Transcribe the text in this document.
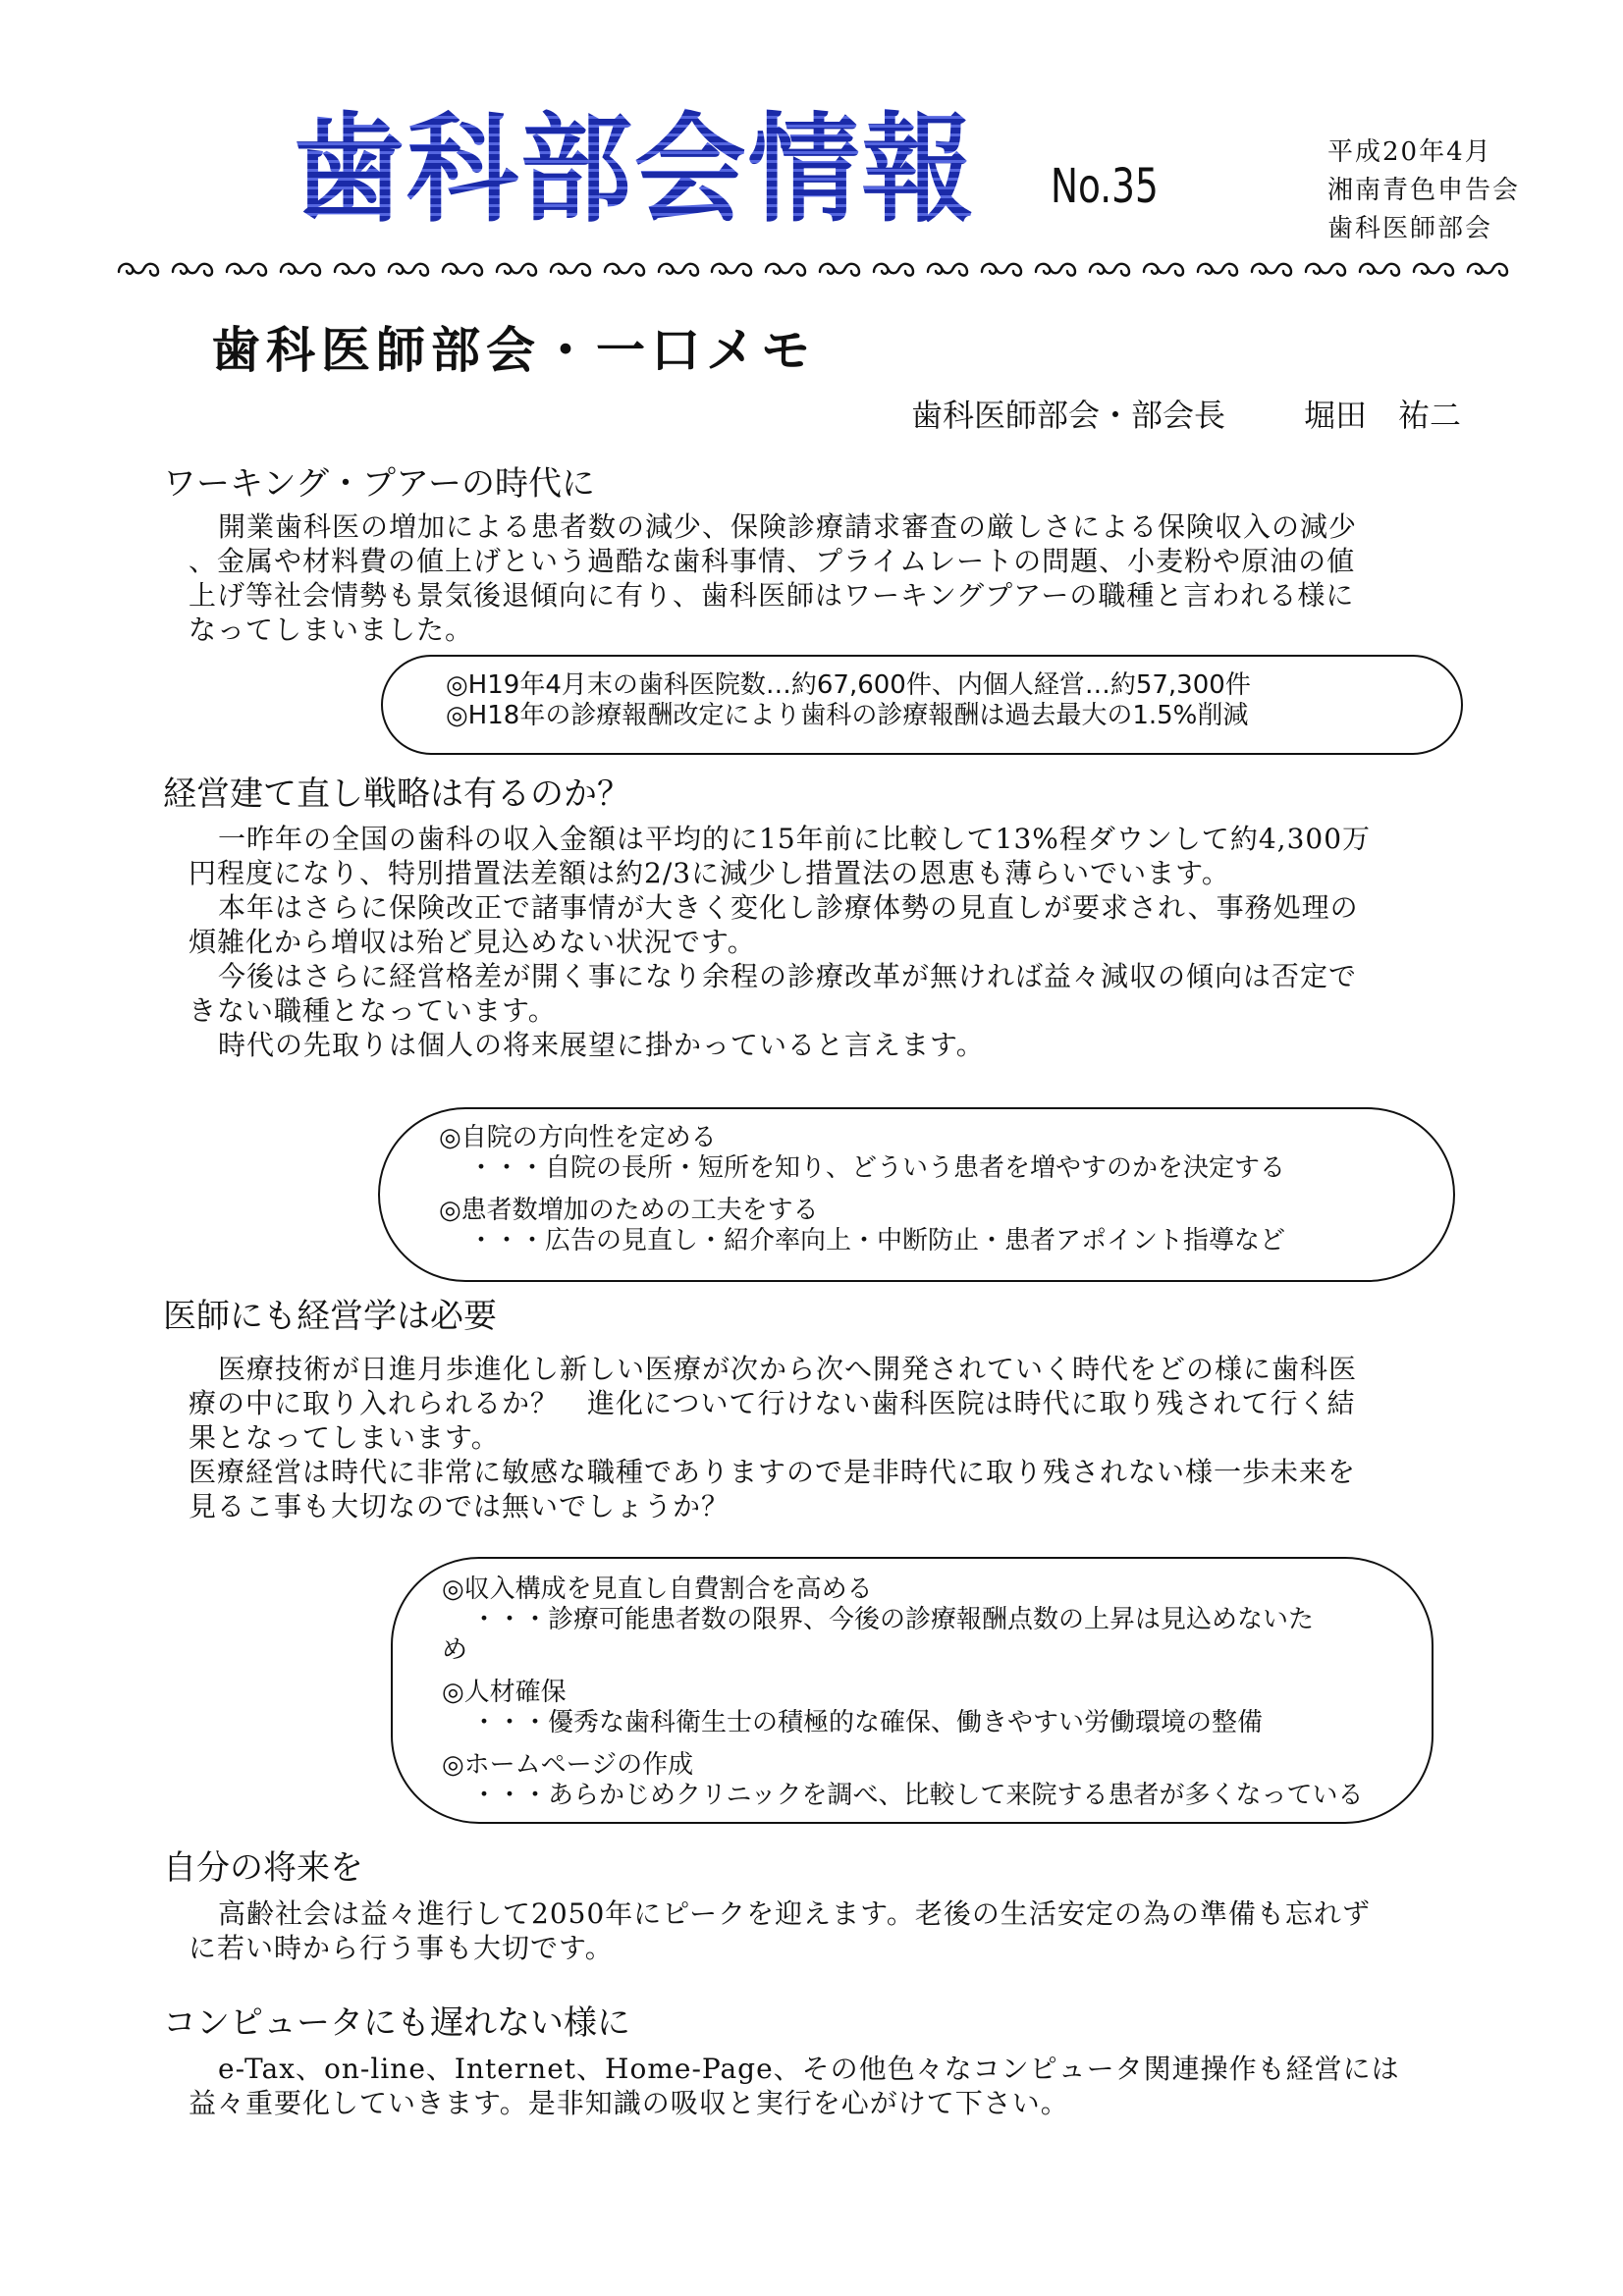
歯科部会情報 No.35
平成20年4月
湘南青色申告会
歯科医師部会
歯科医師部会・一口メモ
歯科医師部会・部会長	堀田　祐二
ワーキング・プアーの時代に
開業歯科医の増加による患者数の減少、保険診療請求審査の厳しさによる保険収入の減少
、金属や材料費の値上げという過酷な歯科事情、プライムレートの問題、小麦粉や原油の値
上げ等社会情勢も景気後退傾向に有り、歯科医師はワーキングプアーの職種と言われる様に
なってしまいました。
◎H19年4月末の歯科医院数…約67,600件、内個人経営…約57,300件
◎H18年の診療報酬改定により歯科の診療報酬は過去最大の1.5%削減
経営建て直し戦略は有るのか？
一昨年の全国の歯科の収入金額は平均的に15年前に比較して13%程ダウンして約4,300万
円程度になり、特別措置法差額は約2/3に減少し措置法の恩恵も薄らいでいます。
本年はさらに保険改正で諸事情が大きく変化し診療体勢の見直しが要求され、事務処理の
煩雑化から増収は殆ど見込めない状況です。
今後はさらに経営格差が開く事になり余程の診療改革が無ければ益々減収の傾向は否定で
きない職種となっています。
時代の先取りは個人の将来展望に掛かっていると言えます。
◎自院の方向性を定める
・・・自院の長所・短所を知り、どういう患者を増やすのかを決定する
◎患者数増加のための工夫をする
・・・広告の見直し・紹介率向上・中断防止・患者アポイント指導など
医師にも経営学は必要
医療技術が日進月歩進化し新しい医療が次から次へ開発されていく時代をどの様に歯科医
療の中に取り入れられるか？　進化について行けない歯科医院は時代に取り残されて行く結
果となってしまいます。
医療経営は時代に非常に敏感な職種でありますので是非時代に取り残されない様一歩未来を
見るこ事も大切なのでは無いでしょうか？
◎収入構成を見直し自費割合を高める
・・・診療可能患者数の限界、今後の診療報酬点数の上昇は見込めないた
め
◎人材確保
・・・優秀な歯科衛生士の積極的な確保、働きやすい労働環境の整備
◎ホームページの作成
・・・あらかじめクリニックを調べ、比較して来院する患者が多くなっている
自分の将来を
高齢社会は益々進行して2050年にピークを迎えます。老後の生活安定の為の準備も忘れず
に若い時から行う事も大切です。
コンピュータにも遅れない様に
e-Tax、on-line、Internet、Home-Page、その他色々なコンピュータ関連操作も経営には
益々重要化していきます。是非知識の吸収と実行を心がけて下さい。
